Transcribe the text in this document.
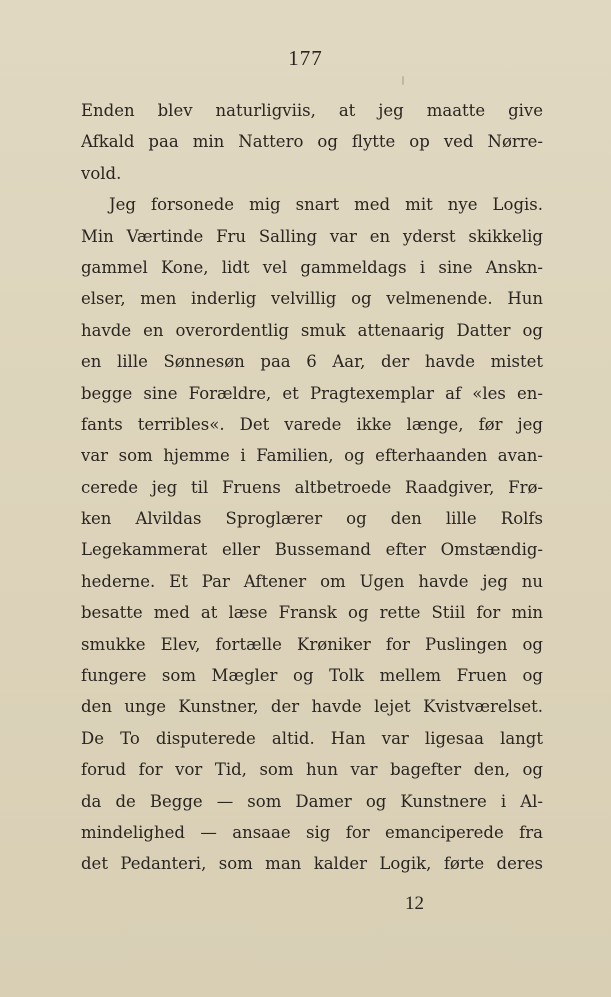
177
Enden blev naturligviis, at jeg maatte give
Afkald paa min Nattero og flytte op ved Nørre-
vold.
Jeg forsonede mig snart med mit nye Logis.
Min Værtinde Fru Salling var en yderst skikkelig
gammel Kone, lidt vel gammeldags i sine Anskn-
elser, men inderlig velvillig og velmenende. Hun
havde en overordentlig smuk attenaarig Datter og
en lille Sønnesøn paa 6 Aar, der havde mistet
begge sine Forældre, et Pragtexemplar af «les en-
fants terribles«. Det varede ikke længe, før jeg
var som hjemme i Familien, og efterhaanden avan-
cerede jeg til Fruens altbetroede Raadgiver, Frø-
ken Alvildas Sproglærer og den lille Rolfs
Legekammerat eller Bussemand efter Omstændig-
hederne. Et Par Aftener om Ugen havde jeg nu
besatte med at læse Fransk og rette Stiil for min
smukke Elev, fortælle Krøniker for Puslingen og
fungere som Mægler og Tolk mellem Fruen og
den unge Kunstner, der havde lejet Kvistværelset.
De To disputerede altid. Han var ligesaa langt
forud for vor Tid, som hun var bagefter den, og
da de Begge — som Damer og Kunstnere i Al-
mindelighed — ansaae sig for emanciperede fra
det Pedanteri, som man kalder Logik, førte deres
12
